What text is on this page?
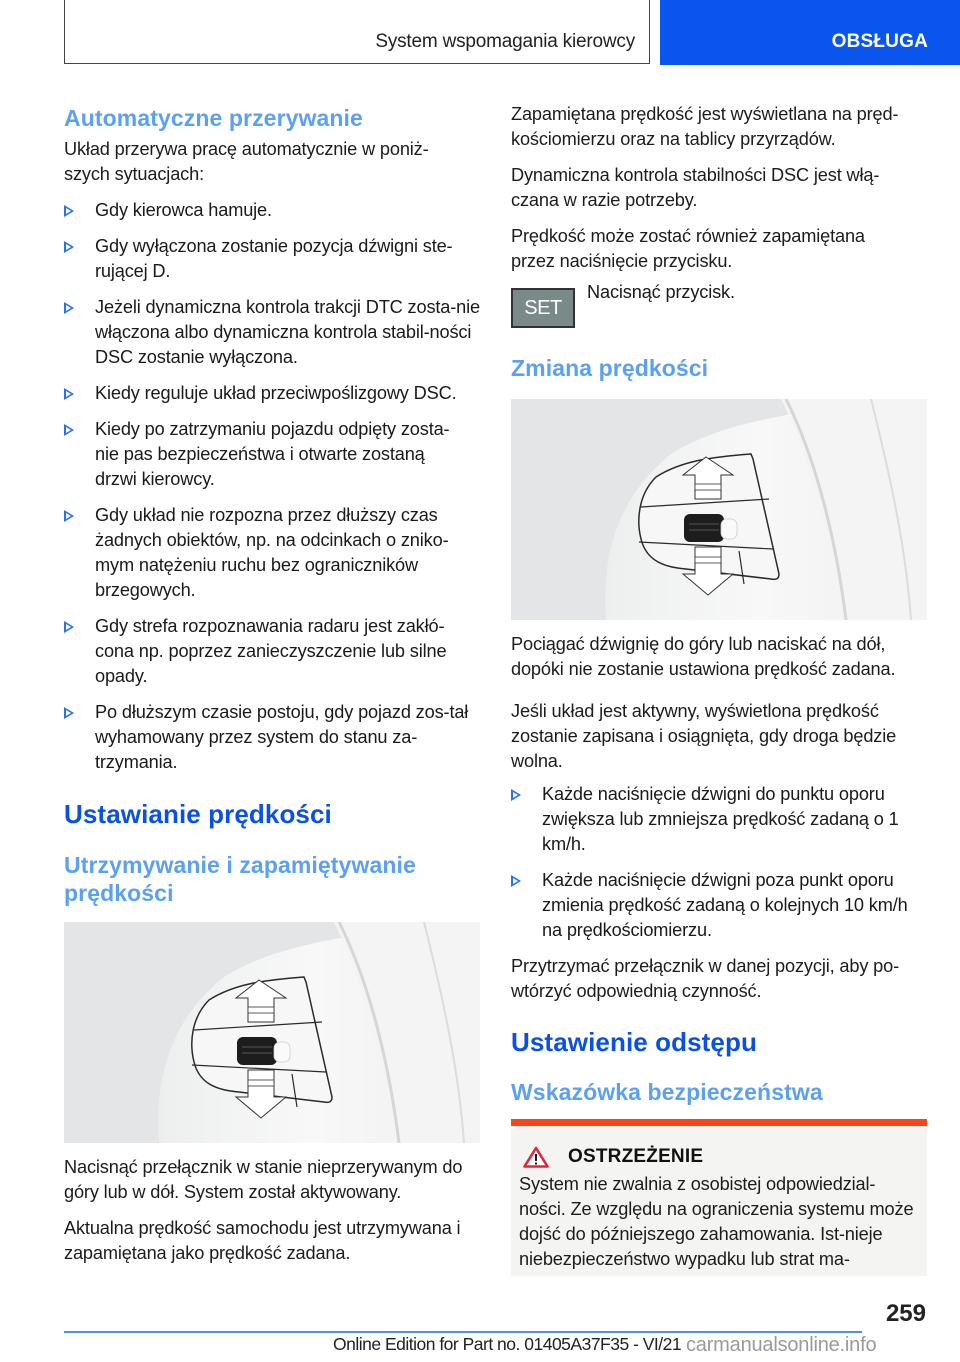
System wspomagania kierowcy	OBSŁUGA
Automatyczne przerywanie

Układ przerywa pracę automatycznie w poniż-szych sytuacjach:

Gdy kierowca hamuje.
Gdy wyłączona zostanie pozycja dźwigni ste-rującej D.
Jeżeli dynamiczna kontrola trakcji DTC zosta-nie włączona albo dynamiczna kontrola stabil-ności DSC zostanie wyłączona.
Kiedy reguluje układ przeciwpoślizgowy DSC.
Kiedy po zatrzymaniu pojazdu odpięty zosta-nie pas bezpieczeństwa i otwarte zostaną drzwi kierowcy.
Gdy układ nie rozpozna przez dłuższy czas żadnych obiektów, np. na odcinkach o zniko-mym natężeniu ruchu bez ograniczników brzegowych.
Gdy strefa rozpoznawania radaru jest zakłó-cona np. poprzez zanieczyszczenie lub silne opady.
Po dłuższym czasie postoju, gdy pojazd zos-tał wyhamowany przez system do stanu za-trzymania.
Ustawianie prędkości
Utrzymywanie i zapamiętywanie prędkości

Nacisnąć przełącznik w stanie nieprzerywanym do góry lub w dół. System został aktywowany.

Aktualna prędkość samochodu jest utrzymywana i zapamiętana jako prędkość zadana.

Zapamiętana prędkość jest wyświetlana na pręd-kościomierzu oraz na tablicy przyrządów.

Dynamiczna kontrola stabilności DSC jest włą-czana w razie potrzeby.

Prędkość może zostać również zapamiętana przez naciśnięcie przycisku.

SET
Nacisnąć przycisk.
Zmiana prędkości

Pociągać dźwignię do góry lub naciskać na dół, dopóki nie zostanie ustawiona prędkość zadana.

Jeśli układ jest aktywny, wyświetlona prędkość zostanie zapisana i osiągnięta, gdy droga będzie wolna.

Każde naciśnięcie dźwigni do punktu oporu zwiększa lub zmniejsza prędkość zadaną o 1 km/h.
Każde naciśnięcie dźwigni poza punkt oporu zmienia prędkość zadaną o kolejnych 10 km/h na prędkościomierzu.

Przytrzymać przełącznik w danej pozycji, aby po-wtórzyć odpowiednią czynność.

Ustawienie odstępu
Wskazówka bezpieczeństwa
OSTRZEŻENIE

System nie zwalnia z osobistej odpowiedzial-ności. Ze względu na ograniczenia systemu może dojść do późniejszego zahamowania. Ist-nieje niebezpieczeństwo wypadku lub strat ma-

259
Online Edition for Part no. 01405A37F35 - VI/21 carmanualsonline.info
